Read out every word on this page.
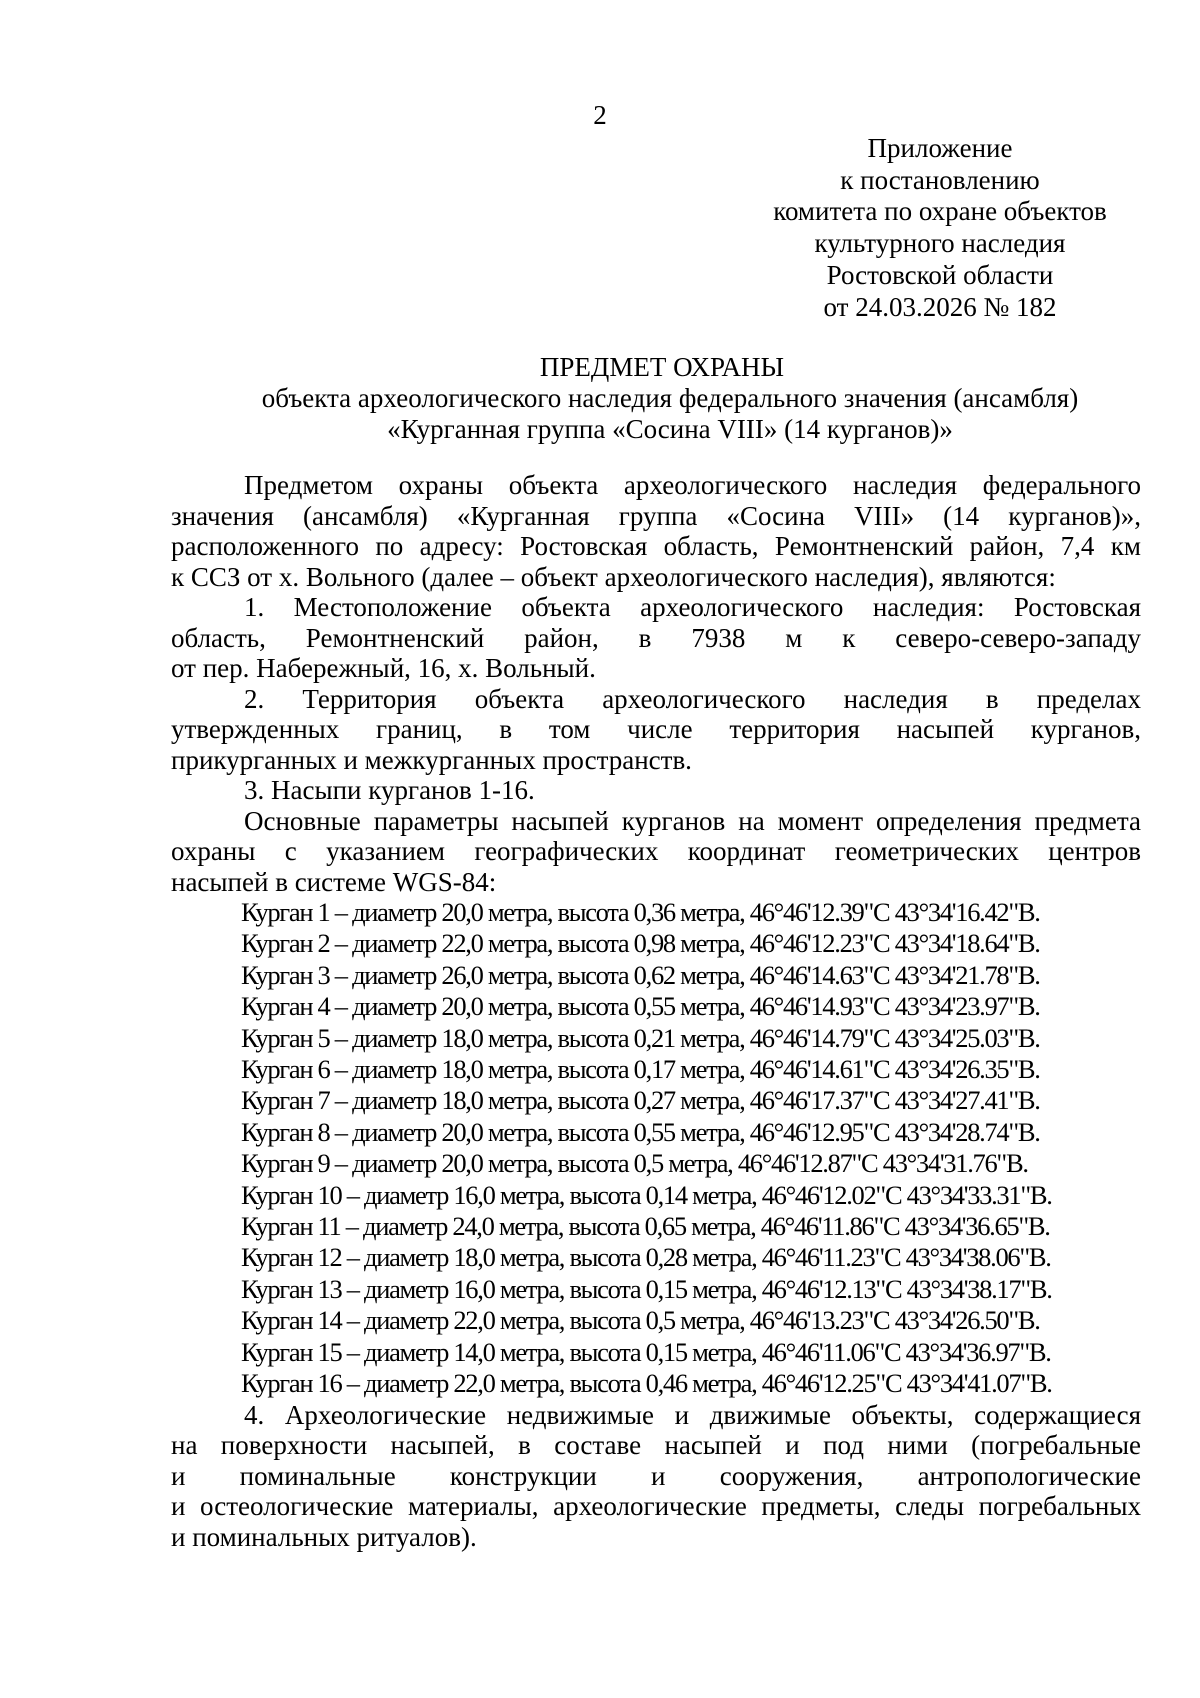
2
Приложение
к постановлению
комитета по охране объектов
культурного наследия
Ростовской области
от 24.03.2026 № 182
ПРЕДМЕТ ОХРАНЫ
объекта археологического наследия федерального значения (ансамбля)
«Курганная группа «Сосина VIII» (14 курганов)»
Предметом охраны объекта археологического наследия федерального
значения (ансамбля) «Курганная группа «Сосина VIII» (14 курганов)»,
расположенного по адресу: Ростовская область, Ремонтненский район, 7,4 км
к ССЗ от х. Вольного (далее – объект археологического наследия), являются:
1. Местоположение объекта археологического наследия: Ростовская
область, Ремонтненский район, в 7938 м к северо-северо-западу
от пер. Набережный, 16, х. Вольный.
2. Территория объекта археологического наследия в пределах
утвержденных границ, в том числе территория насыпей курганов,
прикурганных и межкурганных пространств.
3. Насыпи курганов 1-16.
Основные параметры насыпей курганов на момент определения предмета
охраны с указанием географических координат геометрических центров
насыпей в системе WGS-84:
Курган 1 – диаметр 20,0 метра, высота 0,36 метра, 46°46'12.39"С 43°34'16.42"В.
Курган 2 – диаметр 22,0 метра, высота 0,98 метра, 46°46'12.23"С 43°34'18.64"В.
Курган 3 – диаметр 26,0 метра, высота 0,62 метра, 46°46'14.63"С 43°34'21.78"В.
Курган 4 – диаметр 20,0 метра, высота 0,55 метра, 46°46'14.93"С 43°34'23.97"В.
Курган 5 – диаметр 18,0 метра, высота 0,21 метра, 46°46'14.79"С 43°34'25.03"В.
Курган 6 – диаметр 18,0 метра, высота 0,17 метра, 46°46'14.61"С 43°34'26.35"В.
Курган 7 – диаметр 18,0 метра, высота 0,27 метра, 46°46'17.37"С 43°34'27.41"В.
Курган 8 – диаметр 20,0 метра, высота 0,55 метра, 46°46'12.95"С 43°34'28.74"В.
Курган 9 – диаметр 20,0 метра, высота 0,5 метра, 46°46'12.87"С 43°34'31.76"В.
Курган 10 – диаметр 16,0 метра, высота 0,14 метра, 46°46'12.02"С 43°34'33.31"В.
Курган 11 – диаметр 24,0 метра, высота 0,65 метра, 46°46'11.86"С 43°34'36.65"В.
Курган 12 – диаметр 18,0 метра, высота 0,28 метра, 46°46'11.23"С 43°34'38.06"В.
Курган 13 – диаметр 16,0 метра, высота 0,15 метра, 46°46'12.13"С 43°34'38.17"В.
Курган 14 – диаметр 22,0 метра, высота 0,5 метра, 46°46'13.23"С 43°34'26.50"В.
Курган 15 – диаметр 14,0 метра, высота 0,15 метра, 46°46'11.06"С 43°34'36.97"В.
Курган 16 – диаметр 22,0 метра, высота 0,46 метра, 46°46'12.25"С 43°34'41.07"В.
4. Археологические недвижимые и движимые объекты, содержащиеся
на поверхности насыпей, в составе насыпей и под ними (погребальные
и поминальные конструкции и сооружения, антропологические
и остеологические материалы, археологические предметы, следы погребальных
и поминальных ритуалов).
